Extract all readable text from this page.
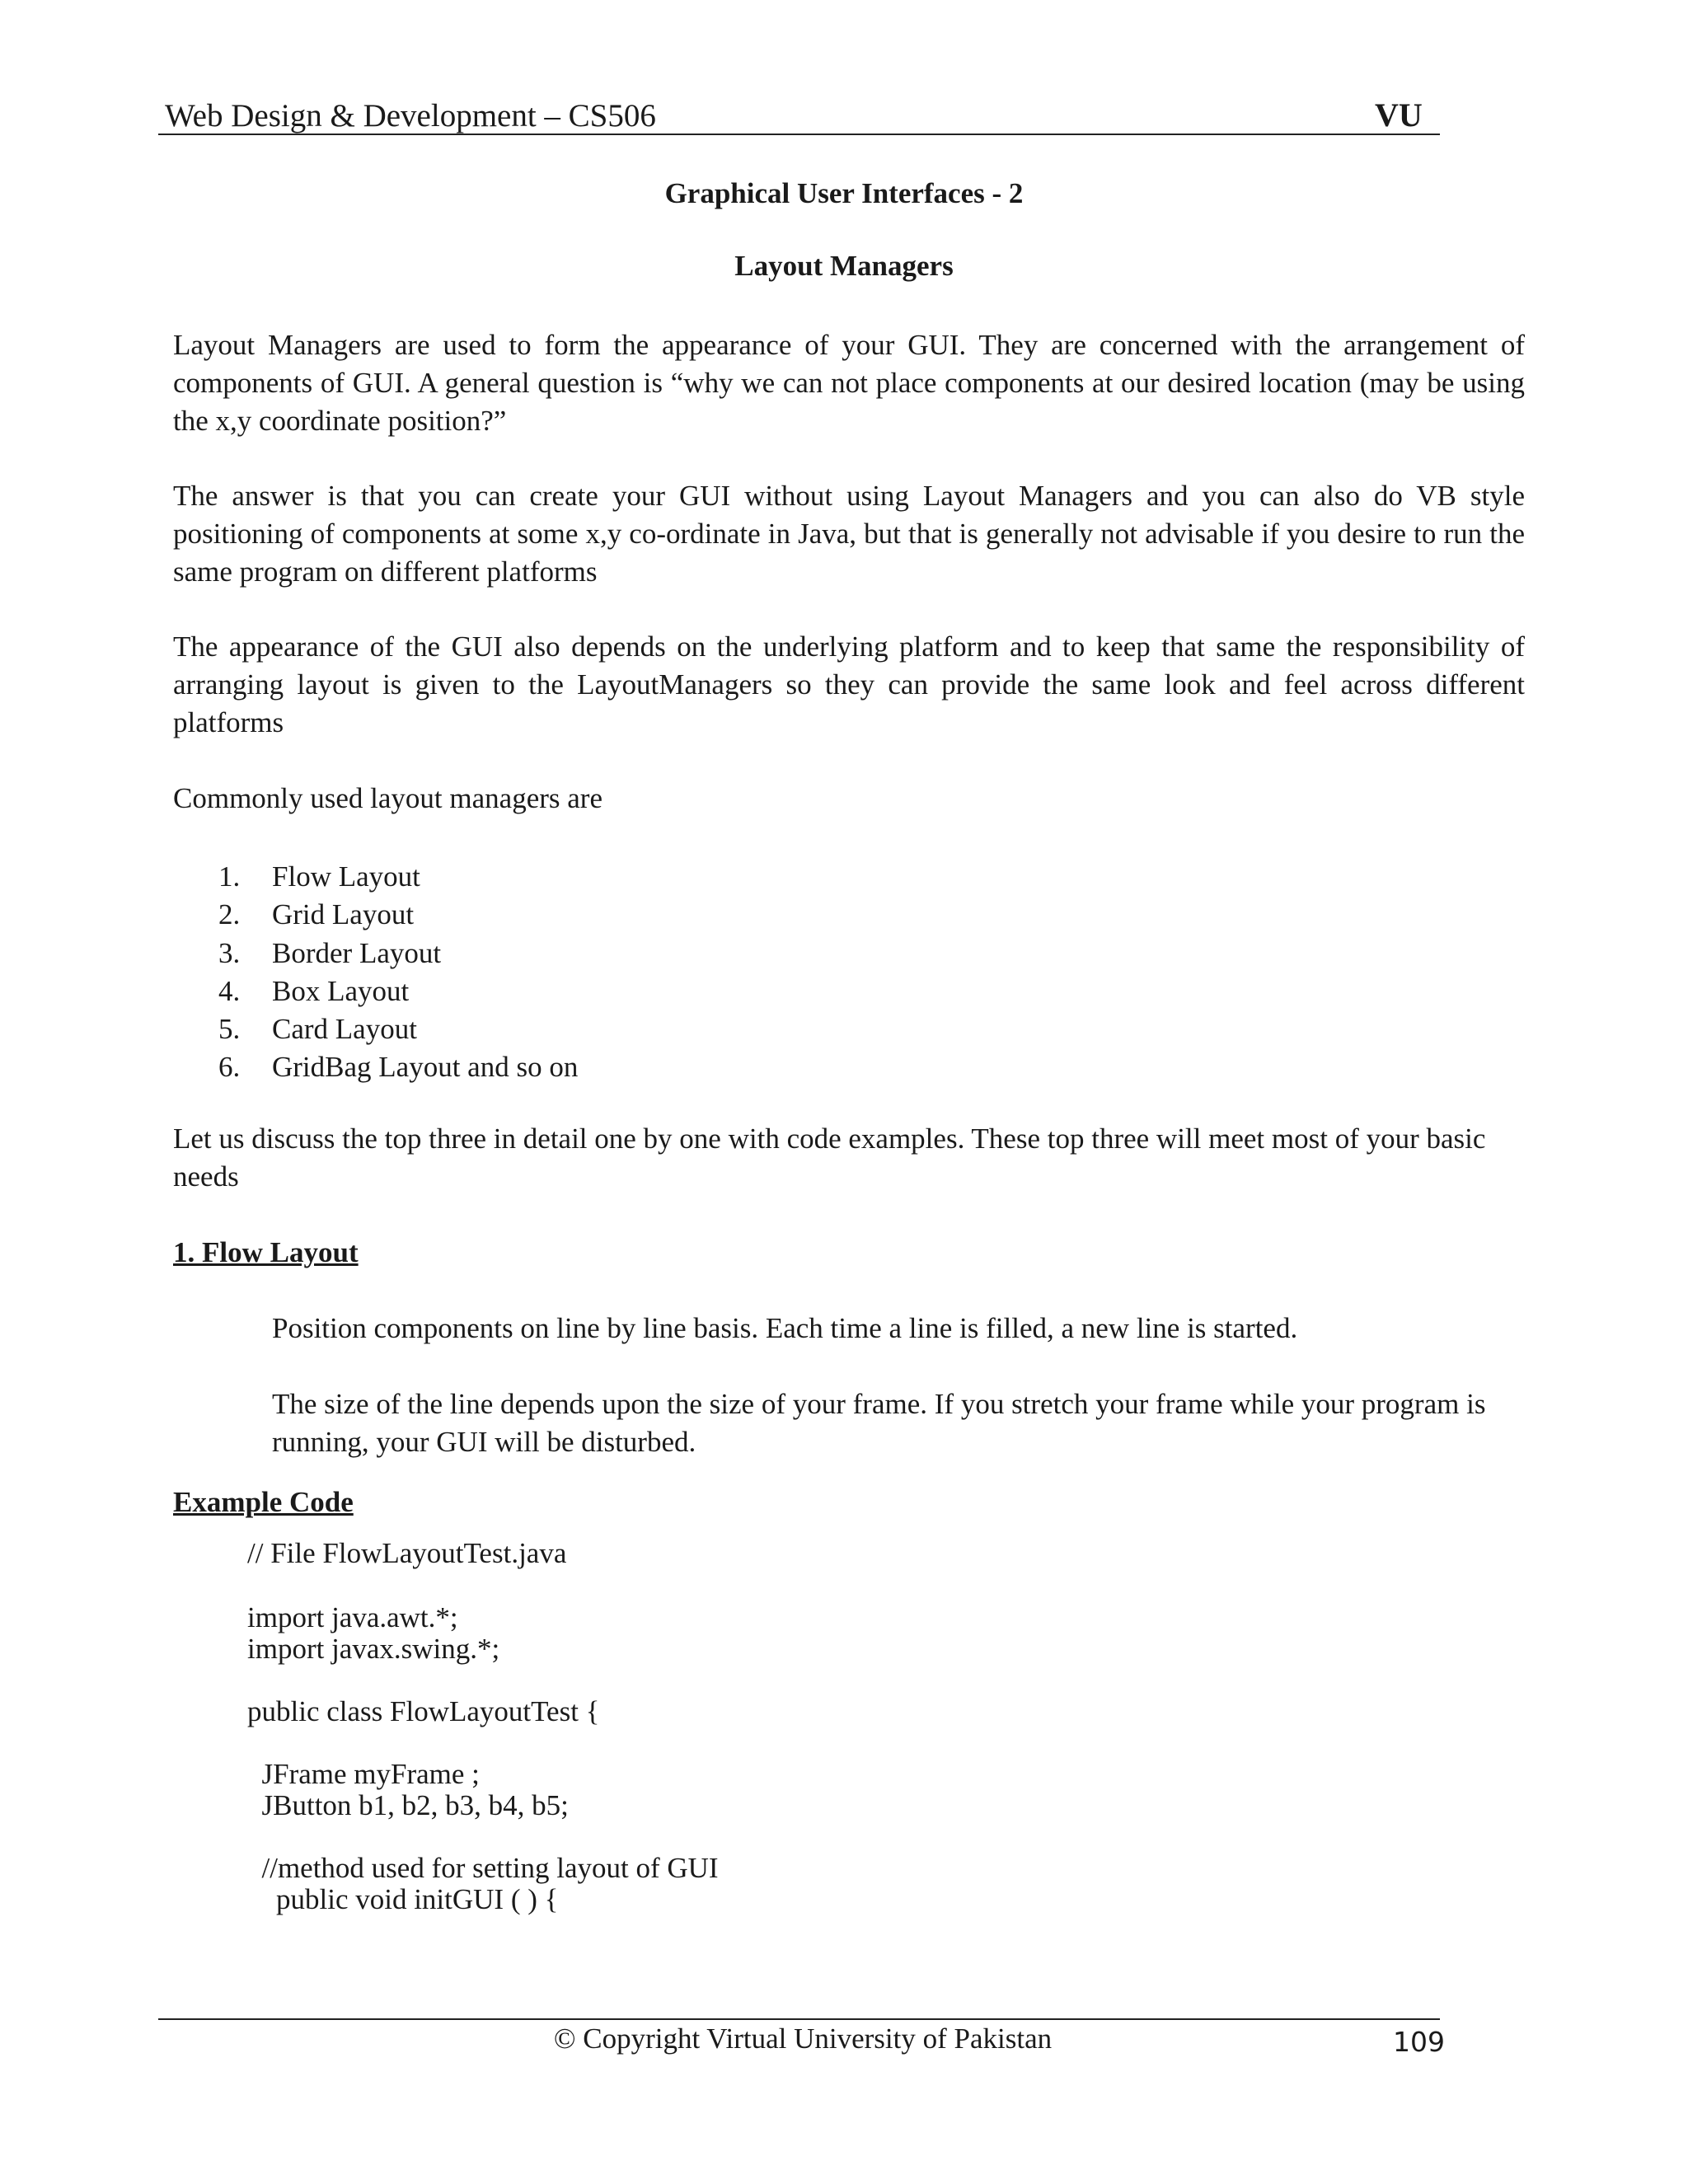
Web Design & Development – CS506	VU
Graphical User Interfaces - 2
Layout Managers

Layout Managers are used to form the appearance of your GUI. They are concerned with the arrangement of components of GUI. A general question is “why we can not place components at our desired location (may be using the x,y coordinate position?”

The answer is that you can create your GUI without using Layout Managers and you can also do VB style positioning of components at some x,y co-ordinate in Java, but that is generally not advisable if you desire to run the same program on different platforms

The appearance of the GUI also depends on the underlying platform and to keep that same the responsibility of arranging layout is given to the LayoutManagers so they can provide the same look and feel across different platforms

Commonly used layout managers are

1.	Flow Layout
2.	Grid Layout
3.	Border Layout
4.	Box Layout
5.	Card Layout
6.	GridBag Layout and so on

Let us discuss the top three in detail one by one with code examples. These top three will meet most of your basic needs

1. Flow Layout

Position components on line by line basis. Each time a line is filled, a new line is started.

The size of the line depends upon the size of your frame. If you stretch your frame while your program is running, your GUI will be disturbed.

Example Code
// File FlowLayoutTest.java
import java.awt.*;
import javax.swing.*;
public class FlowLayoutTest {
JFrame myFrame ;
JButton b1, b2, b3, b4, b5;
//method used for setting layout of GUI
public void initGUI ( ) {
© Copyright Virtual University of Pakistan	109
